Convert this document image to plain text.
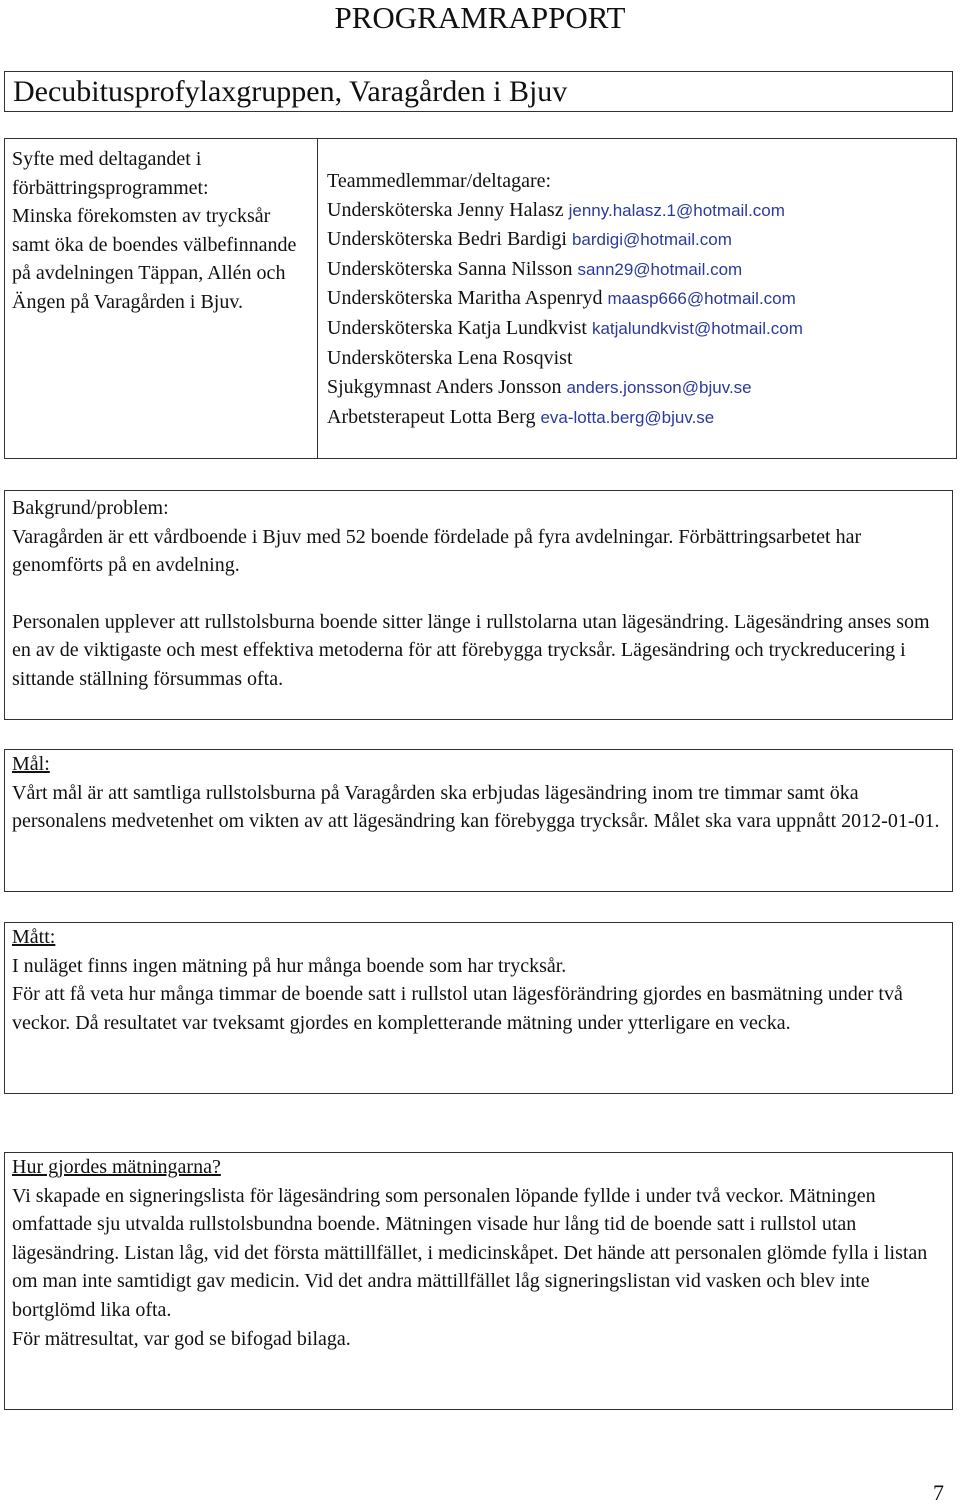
PROGRAMRAPPORT
Decubitusprofylaxgruppen, Varagården i Bjuv

Syfte med deltagandet i förbättringsprogrammet:

Minska förekomsten av trycksår samt öka de boendes välbefinnande på avdelningen Täppan, Allén och Ängen på Varagården i Bjuv.

Teammedlemmar/deltagare:

Undersköterska Jenny Halasz jenny.halasz.1@hotmail.com
Undersköterska Bedri Bardigi bardigi@hotmail.com
Undersköterska Sanna Nilsson sann29@hotmail.com
Undersköterska Maritha Aspenryd maasp666@hotmail.com
Undersköterska Katja Lundkvist katjalundkvist@hotmail.com
Undersköterska Lena Rosqvist
Sjukgymnast Anders Jonsson anders.jonsson@bjuv.se
Arbetsterapeut Lotta Berg eva-lotta.berg@bjuv.se

Bakgrund/problem:

Varagården är ett vårdboende i Bjuv med 52 boende fördelade på fyra avdelningar. Förbättringsarbetet har genomförts på en avdelning.

Personalen upplever att rullstolsburna boende sitter länge i rullstolarna utan lägesändring. Lägesändring anses som en av de viktigaste och mest effektiva metoderna för att förebygga trycksår. Lägesändring och tryckreducering i sittande ställning försummas ofta.

Mål:

Vårt mål är att samtliga rullstolsburna på Varagården ska erbjudas lägesändring inom tre timmar samt öka personalens medvetenhet om vikten av att lägesändring kan förebygga trycksår. Målet ska vara uppnått 2012-01-01.

Mått:

I nuläget finns ingen mätning på hur många boende som har trycksår.

För att få veta hur många timmar de boende satt i rullstol utan lägesförändring gjordes en basmätning under två veckor. Då resultatet var tveksamt gjordes en kompletterande mätning under ytterligare en vecka.

Hur gjordes mätningarna?

Vi skapade en signeringslista för lägesändring som personalen löpande fyllde i under två veckor. Mätningen omfattade sju utvalda rullstolsbundna boende. Mätningen visade hur lång tid de boende satt i rullstol utan lägesändring. Listan låg, vid det första mättillfället, i medicinskåpet. Det hände att personalen glömde fylla i listan om man inte samtidigt gav medicin. Vid det andra mättillfället låg signeringslistan vid vasken och blev inte bortglömd lika ofta.

För mätresultat, var god se bifogad bilaga.

7
